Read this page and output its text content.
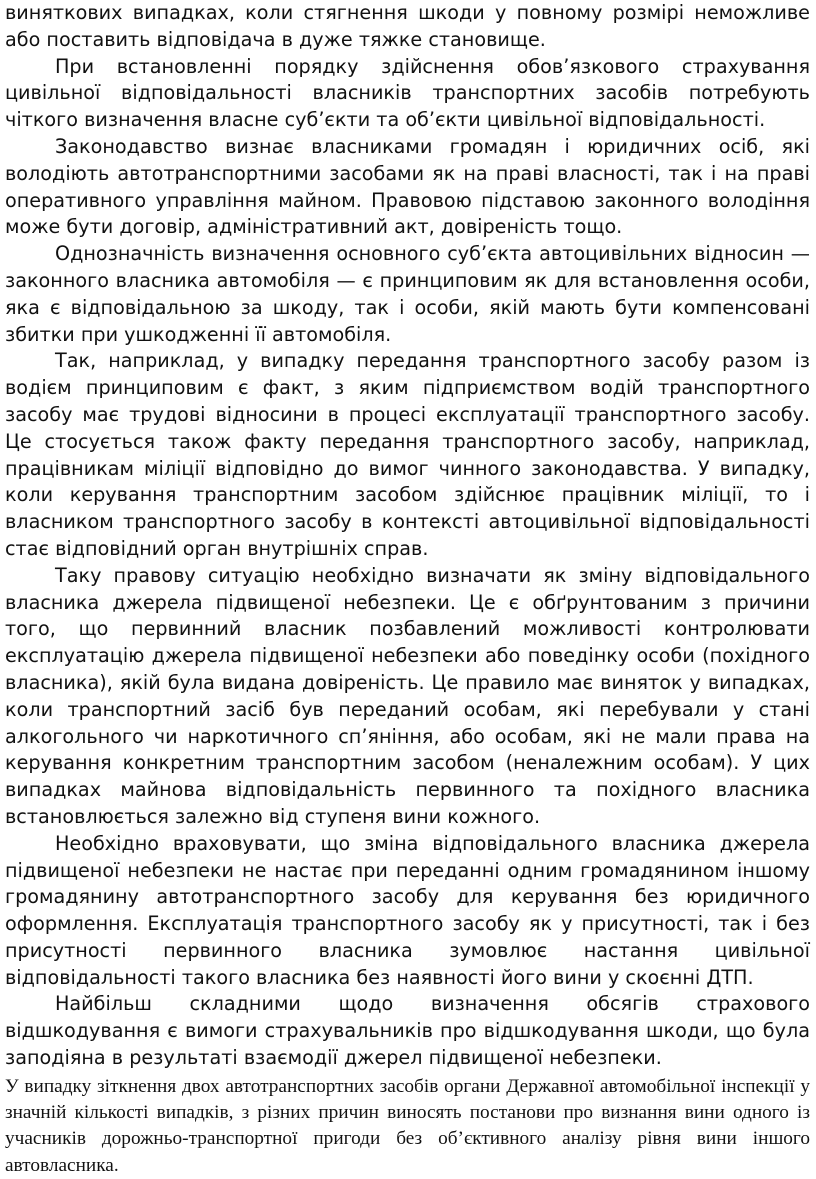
виняткових випадках, коли стягнення шкоди у повному розмірі неможливе або поставить відповідача в дуже тяжке становище.

При встановленні порядку здійснення обов’язкового страхування цивільної відповідальності власників транспортних засобів потребують чіткого визначення власне суб’єкти та об’єкти цивільної відповідальності.

Законодавство визнає власниками громадян і юридичних осіб, які володіють автотранспортними засобами як на праві власності, так і на праві оперативного управління майном. Правовою підставою законного володіння може бути договір, адміністративний акт, довіреність тощо.

Однозначність визначення основного суб’єкта автоцивільних відносин — законного власника автомобіля — є принциповим як для встановлення особи, яка є відповідальною за шкоду, так і особи, якій мають бути компенсовані збитки при ушкодженні її автомобіля.

Так, наприклад, у випадку передання транспортного засобу разом із водієм принциповим є факт, з яким підприємством водій транспортного засобу має трудові відносини в процесі експлуатації транспортного засобу. Це стосується також факту передання транспортного засобу, наприклад, працівникам міліції відповідно до вимог чинного законодавства. У випадку, коли керування транспортним засобом здійснює працівник міліції, то і власником транспортного засобу в контексті автоцивільної відповідальності стає відповідний орган внутрішніх справ.

Таку правову ситуацію необхідно визначати як зміну відповідального власника джерела підвищеної небезпеки. Це є обґрунтованим з причини того, що первинний власник позбавлений можливості контролювати експлуатацію джерела підвищеної небезпеки або поведінку особи (похідного власника), якій була видана довіреність. Це правило має виняток у випадках, коли транспортний засіб був переданий особам, які перебували у стані алкогольного чи наркотичного сп’яніння, або особам, які не мали права на керування конкретним транспортним засобом (неналежним особам). У цих випадках майнова відповідальність первинного та похідного власника встановлюється залежно від ступеня вини кожного.

Необхідно враховувати, що зміна відповідального власника джерела підвищеної небезпеки не настає при переданні одним громадянином іншому громадянину автотранспортного засобу для керування без юридичного оформлення. Експлуатація транспортного засобу як у присутності, так і без присутності первинного власника зумовлює настання цивільної відповідальності такого власника без наявності його вини у скоєнні ДТП.

Найбільш складними щодо визначення обсягів страхового відшкодування є вимоги страхувальників про відшкодування шкоди, що була заподіяна в результаті взаємодії джерел підвищеної небезпеки.

У випадку зіткнення двох автотранспортних засобів органи Державної автомобільної інспекції у значній кількості випадків, з різних причин виносять постанови про визнання вини одного із учасників дорожньо-транспортної пригоди без об’єктивного аналізу рівня вини іншого автовласника.
